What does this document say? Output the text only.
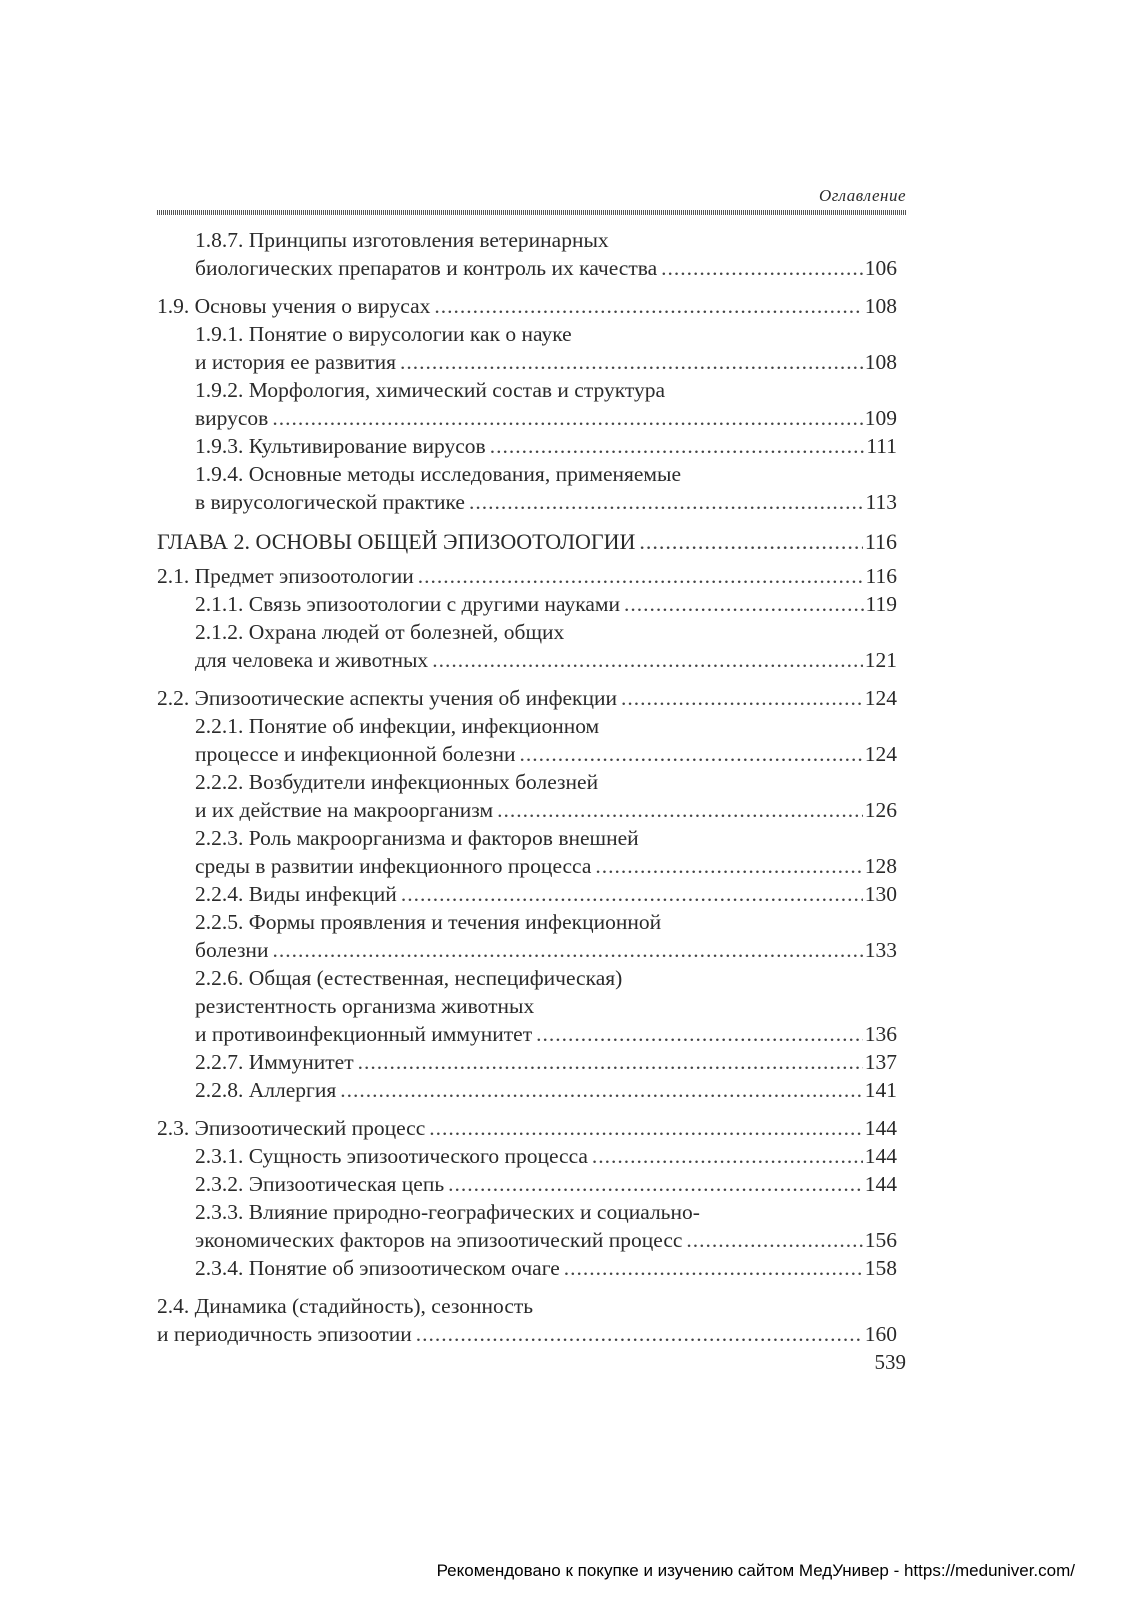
Оглавление
1.8.7. Принципы изготовления ветеринарных
биологических препаратов и контроль их качества .....	106
1.9. Основы учения о вирусах .....	108
1.9.1. Понятие о вирусологии как о науке
и история ее развития .....	108
1.9.2. Морфология, химический состав и структура
вирусов .....	109
1.9.3. Культивирование вирусов .....	111
1.9.4. Основные методы исследования, применяемые
в вирусологической практике .....	113
ГЛАВА 2. ОСНОВЫ ОБЩЕЙ ЭПИЗООТОЛОГИИ .....	116
2.1. Предмет эпизоотологии .....	116
2.1.1. Связь эпизоотологии с другими науками .....	119
2.1.2. Охрана людей от болезней, общих
для человека и животных .....	121
2.2. Эпизоотические аспекты учения об инфекции .....	124
2.2.1. Понятие об инфекции, инфекционном
процессе и инфекционной болезни .....	124
2.2.2. Возбудители инфекционных болезней
и их действие на макроорганизм .....	126
2.2.3. Роль макроорганизма и факторов внешней
среды в развитии инфекционного процесса .....	128
2.2.4. Виды инфекций .....	130
2.2.5. Формы проявления и течения инфекционной
болезни .....	133
2.2.6. Общая (естественная, неспецифическая)
резистентность организма животных
и противоинфекционный иммунитет .....	136
2.2.7. Иммунитет .....	137
2.2.8. Аллергия .....	141
2.3. Эпизоотический процесс .....	144
2.3.1. Сущность эпизоотического процесса .....	144
2.3.2. Эпизоотическая цепь .....	144
2.3.3. Влияние природно-географических и социально-
экономических факторов на эпизоотический процесс .....	156
2.3.4. Понятие об эпизоотическом очаге .....	158
2.4. Динамика (стадийность), сезонность
и периодичность эпизоотии .....	160
539
Рекомендовано к покупке и изучению сайтом МедУнивер - https://meduniver.com/
